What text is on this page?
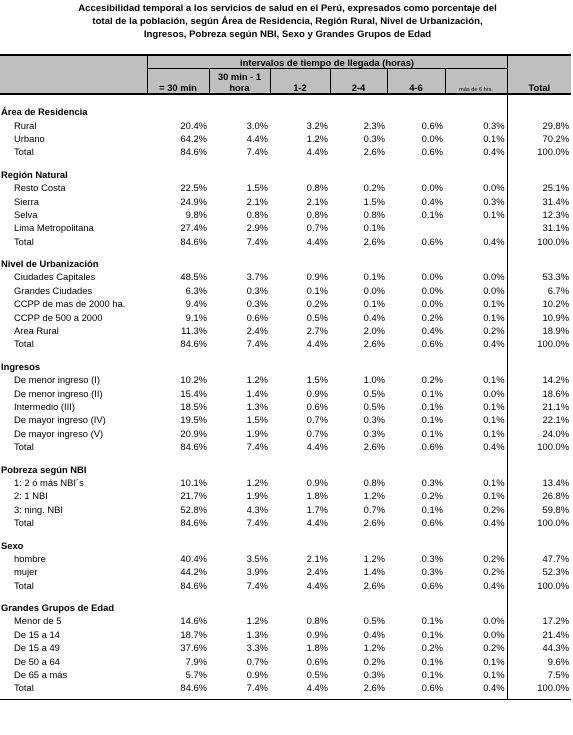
Accesibilidad temporal a los servicios de salud en el Perú, expresados como porcentaje del
total de la población, según Área de Residencia, Región Rural, Nivel de Urbanización,
Ingresos, Pobreza según NBI, Sexo y Grandes Grupos de Edad
	Intervalos de tiempo de llegada (horas)						
	= 30 min	30 min - 1 hora	1-2	2-4	4-6	más de 6 hrs.	Total

Área de Residencia							
Rural	20.4%	3.0%	3.2%	2.3%	0.6%	0.3%	29.8%
Urbano	64.2%	4.4%	1.2%	0.3%	0.0%	0.1%	70.2%
Total	84.6%	7.4%	4.4%	2.6%	0.6%	0.4%	100.0%

Región Natural							
Resto Costa	22.5%	1.5%	0.8%	0.2%	0.0%	0.0%	25.1%
Sierra	24.9%	2.1%	2.1%	1.5%	0.4%	0.3%	31.4%
Selva	9.8%	0.8%	0.8%	0.8%	0.1%	0.1%	12.3%
Lima Metropolitana	27.4%	2.9%	0.7%	0.1%			31.1%
Total	84.6%	7.4%	4.4%	2.6%	0.6%	0.4%	100.0%

Nivel de Urbanización							
Ciudades Capitales	48.5%	3.7%	0.9%	0.1%	0.0%	0.0%	53.3%
Grandes Ciudades	6.3%	0.3%	0.1%	0.0%	0.0%	0.0%	6.7%
CCPP de mas de 2000 ha.	9.4%	0.3%	0.2%	0.1%	0.0%	0.1%	10.2%
CCPP de 500 a 2000	9.1%	0.6%	0.5%	0.4%	0.2%	0.1%	10.9%
Area Rural	11.3%	2.4%	2.7%	2.0%	0.4%	0.2%	18.9%
Total	84.6%	7.4%	4.4%	2.6%	0.6%	0.4%	100.0%

Ingresos							
De menor ingreso (I)	10.2%	1.2%	1.5%	1.0%	0.2%	0.1%	14.2%
De menor ingreso (II)	15.4%	1.4%	0.9%	0.5%	0.1%	0.0%	18.6%
Intermedio (III)	18.5%	1.3%	0.6%	0.5%	0.1%	0.1%	21.1%
De mayor ingreso (IV)	19.5%	1.5%	0.7%	0.3%	0.1%	0.1%	22.1%
De mayor ingreso (V)	20.9%	1.9%	0.7%	0.3%	0.1%	0.1%	24.0%
Total	84.6%	7.4%	4.4%	2.6%	0.6%	0.4%	100.0%

Pobreza según NBI							
1: 2 ó más NBI´s	10.1%	1.2%	0.9%	0.8%	0.3%	0.1%	13.4%
2: 1 NBI	21.7%	1.9%	1.8%	1.2%	0.2%	0.1%	26.8%
3: ning. NBI	52.8%	4.3%	1.7%	0.7%	0.1%	0.2%	59.8%
Total	84.6%	7.4%	4.4%	2.6%	0.6%	0.4%	100.0%

Sexo							
hombre	40.4%	3.5%	2.1%	1.2%	0.3%	0.2%	47.7%
mujer	44.2%	3.9%	2.4%	1.4%	0.3%	0.2%	52.3%
Total	84.6%	7.4%	4.4%	2.6%	0.6%	0.4%	100.0%

Grandes Grupos de Edad							
Menor de 5	14.6%	1.2%	0.8%	0.5%	0.1%	0.0%	17.2%
De 15 a 14	18.7%	1.3%	0.9%	0.4%	0.1%	0.0%	21.4%
De 15 a 49	37.6%	3.3%	1.8%	1.2%	0.2%	0.2%	44.3%
De 50 a 64	7.9%	0.7%	0.6%	0.2%	0.1%	0.1%	9.6%
De 65 a más	5.7%	0.9%	0.5%	0.3%	0.1%	0.1%	7.5%
Total	84.6%	7.4%	4.4%	2.6%	0.6%	0.4%	100.0%
